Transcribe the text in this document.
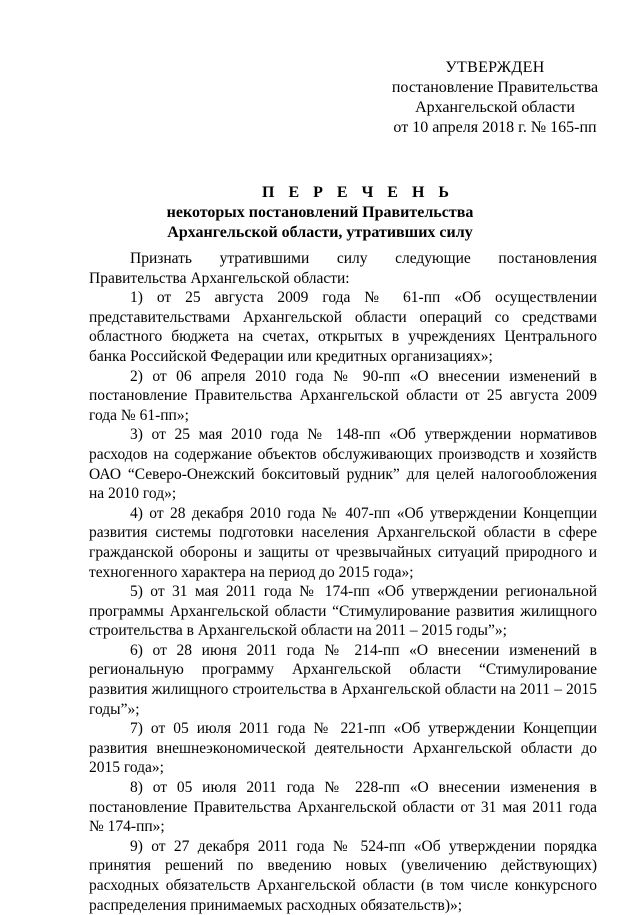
УТВЕРЖДЕН
постановление Правительства
Архангельской области
от 10 апреля 2018 г. № 165-пп
П Е Р Е Ч Е Н Ь
некоторых постановлений Правительства
Архангельской области, утративших силу

Признать утратившими силу следующие постановления Правительства Архангельской области:

1) от 25 августа 2009 года № 61-пп «Об осуществлении представительствами Архангельской области операций со средствами областного бюджета на счетах, открытых в учреждениях Центрального банка Российской Федерации или кредитных организациях»;

2) от 06 апреля 2010 года № 90-пп «О внесении изменений в постановление Правительства Архангельской области от 25 августа 2009 года № 61-пп»;

3) от 25 мая 2010 года № 148-пп «Об утверждении нормативов расходов на содержание объектов обслуживающих производств и хозяйств ОАО “Северо-Онежский бокситовый рудник” для целей налогообложения на 2010 год»;

4) от 28 декабря 2010 года № 407-пп «Об утверждении Концепции развития системы подготовки населения Архангельской области в сфере гражданской обороны и защиты от чрезвычайных ситуаций природного и техногенного характера на период до 2015 года»;

5) от 31 мая 2011 года № 174-пп «Об утверждении региональной программы Архангельской области “Стимулирование развития жилищного строительства в Архангельской области на 2011 – 2015 годы”»;

6) от 28 июня 2011 года № 214-пп «О внесении изменений в региональную программу Архангельской области “Стимулирование развития жилищного строительства в Архангельской области на 2011 – 2015 годы”»;

7) от 05 июля 2011 года № 221-пп «Об утверждении Концепции развития внешнеэкономической деятельности Архангельской области до 2015 года»;

8) от 05 июля 2011 года № 228-пп «О внесении изменения в постановление Правительства Архангельской области от 31 мая 2011 года № 174-пп»;

9) от 27 декабря 2011 года № 524-пп «Об утверждении порядка принятия решений по введению новых (увеличению действующих) расходных обязательств Архангельской области (в том числе конкурсного распределения принимаемых расходных обязательств)»;
